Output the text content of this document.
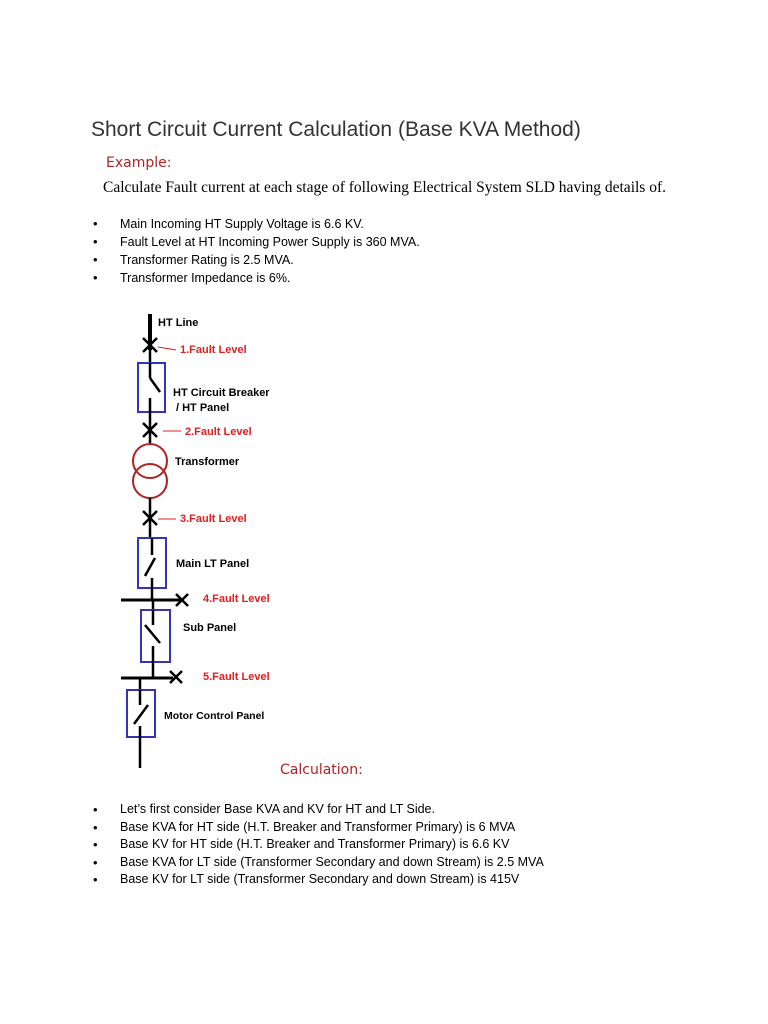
Short Circuit Current Calculation (Base KVA Method)
Example:
Calculate Fault current at each stage of following Electrical System SLD having details of.
• Main Incoming HT Supply Voltage is 6.6 KV.
• Fault Level at HT Incoming Power Supply is 360 MVA.
• Transformer Rating is 2.5 MVA.
• Transformer Impedance is 6%.
1.Fault Level
HT Line
HT Circuit Breaker
/ HT Panel
2.Fault Level
Transformer
3.Fault Level
Main LT Panel
4.Fault Level
Sub Panel
5.Fault Level
Motor Control Panel
Calculation:
• Let’s first consider Base KVA and KV for HT and LT Side.
• Base KVA for HT side (H.T. Breaker and Transformer Primary) is 6 MVA
• Base KV for HT side (H.T. Breaker and Transformer Primary) is 6.6 KV
• Base KVA for LT side (Transformer Secondary and down Stream) is 2.5 MVA
• Base KV for LT side (Transformer Secondary and down Stream) is 415V
